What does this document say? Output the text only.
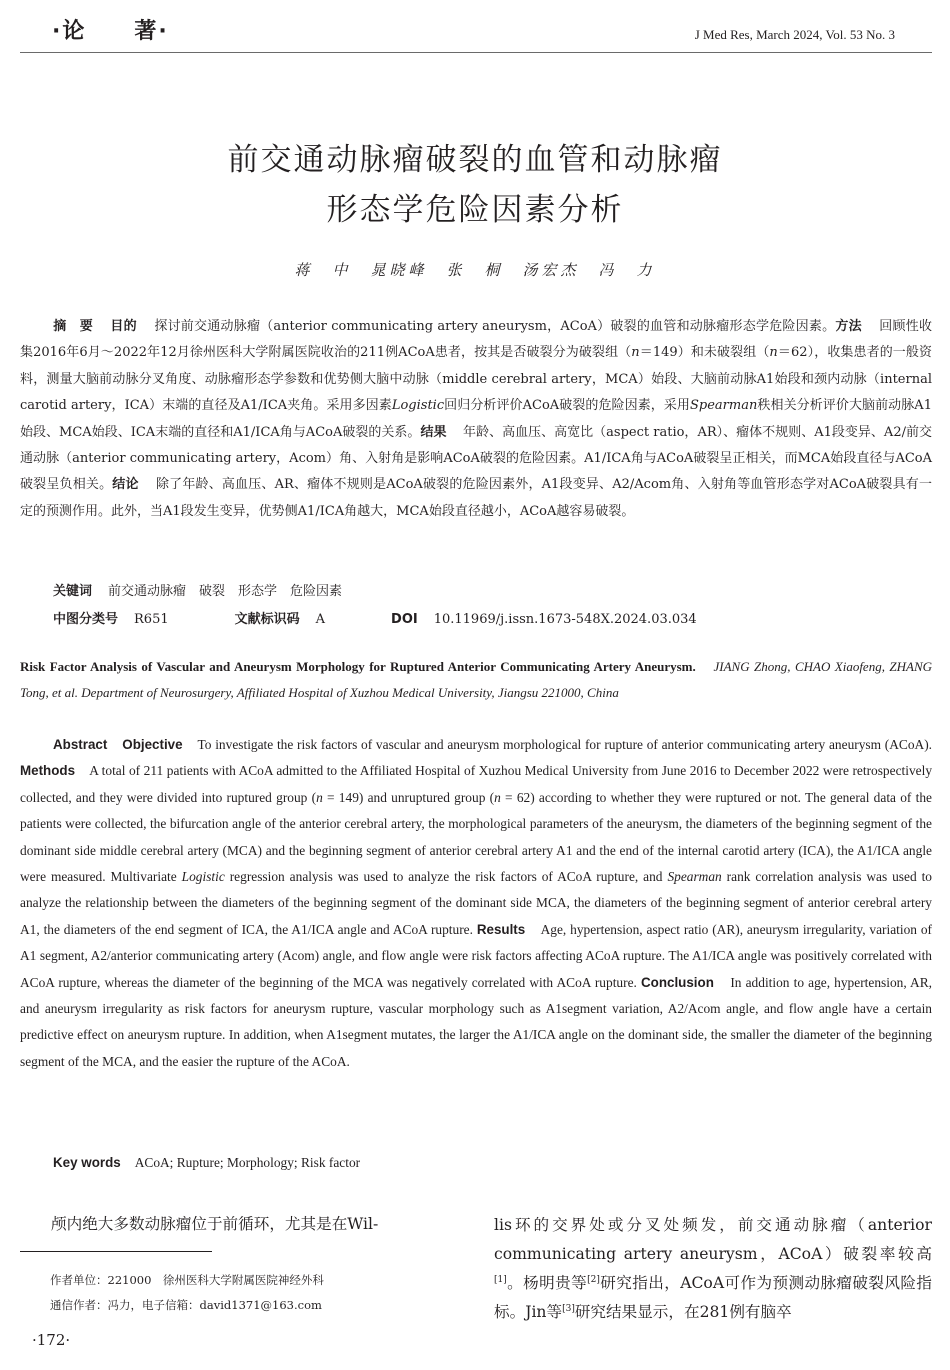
·论　　著·	J Med Res, March 2024, Vol. 53 No. 3
前交通动脉瘤破裂的血管和动脉瘤
形态学危险因素分析
蒋　中　晁晓峰　张　桐　汤宏杰　冯　力
摘　要 目的 探讨前交通动脉瘤（anterior communicating artery aneurysm，ACoA）破裂的血管和动脉瘤形态学危险因素。方法 回顾性收集2016年6月～2022年12月徐州医科大学附属医院收治的211例ACoA患者，按其是否破裂分为破裂组（n＝149）和未破裂组（n＝62），收集患者的一般资料，测量大脑前动脉分叉角度、动脉瘤形态学参数和优势侧大脑中动脉（middle cerebral artery，MCA）始段、大脑前动脉A1始段和颈内动脉（internal carotid artery，ICA）末端的直径及A1/ICA夹角。采用多因素Logistic回归分析评价ACoA破裂的危险因素，采用Spearman秩相关分析评价大脑前动脉A1始段、MCA始段、ICA末端的直径和A1/ICA角与ACoA破裂的关系。结果 年龄、高血压、高宽比（aspect ratio，AR）、瘤体不规则、A1段变异、A2/前交通动脉（anterior communicating artery，Acom）角、入射角是影响ACoA破裂的危险因素。A1/ICA角与ACoA破裂呈正相关，而MCA始段直径与ACoA破裂呈负相关。结论 除了年龄、高血压、AR、瘤体不规则是ACoA破裂的危险因素外，A1段变异、A2/Acom角、入射角等血管形态学对ACoA破裂具有一定的预测作用。此外，当A1段发生变异，优势侧A1/ICA角越大，MCA始段直径越小，ACoA越容易破裂。
关键词 前交通动脉瘤　破裂　形态学　危险因素
中图分类号 R651	文献标识码 A	DOI 10.11969/j.issn.1673-548X.2024.03.034
Risk Factor Analysis of Vascular and Aneurysm Morphology for Ruptured Anterior Communicating Artery Aneurysm. JIANG Zhong, CHAO Xiaofeng, ZHANG Tong, et al. Department of Neurosurgery, Affiliated Hospital of Xuzhou Medical University, Jiangsu 221000, China
Abstract Objective To investigate the risk factors of vascular and aneurysm morphological for rupture of anterior communicating artery aneurysm (ACoA). Methods A total of 211 patients with ACoA admitted to the Affiliated Hospital of Xuzhou Medical University from June 2016 to December 2022 were retrospectively collected, and they were divided into ruptured group (n = 149) and unruptured group (n = 62) according to whether they were ruptured or not. The general data of the patients were collected, the bifurcation angle of the anterior cerebral artery, the morphological parameters of the aneurysm, the diameters of the beginning segment of the dominant side middle cerebral artery (MCA) and the beginning segment of anterior cerebral artery A1 and the end of the internal carotid artery (ICA), the A1/ICA angle were measured. Multivariate Logistic regression analysis was used to analyze the risk factors of ACoA rupture, and Spearman rank correlation analysis was used to analyze the relationship between the diameters of the beginning segment of the dominant side MCA, the diameters of the beginning segment of anterior cerebral artery A1, the diameters of the end segment of ICA, the A1/ICA angle and ACoA rupture. Results Age, hypertension, aspect ratio (AR), aneurysm irregularity, variation of A1 segment, A2/anterior communicating artery (Acom) angle, and flow angle were risk factors affecting ACoA rupture. The A1/ICA angle was positively correlated with ACoA rupture, whereas the diameter of the beginning of the MCA was negatively correlated with ACoA rupture. Conclusion In addition to age, hypertension, AR, and aneurysm irregularity as risk factors for aneurysm rupture, vascular morphology such as A1segment variation, A2/Acom angle, and flow angle have a certain predictive effect on aneurysm rupture. In addition, when A1segment mutates, the larger the A1/ICA angle on the dominant side, the smaller the diameter of the beginning segment of the MCA, and the easier the rupture of the ACoA.
Key words ACoA; Rupture; Morphology; Risk factor
颅内绝大多数动脉瘤位于前循环，尤其是在Wil-	lis环的交界处或分叉处频发，前交通动脉瘤（anterior communicating artery aneurysm，ACoA）破裂率较高[1]。杨明贵等[2]研究指出，ACoA可作为预测动脉瘤破裂风险指标。Jin等[3]研究结果显示，在281例有脑卒
作者单位：221000　徐州医科大学附属医院神经外科
通信作者：冯力，电子信箱：david1371@163.com
·172·
